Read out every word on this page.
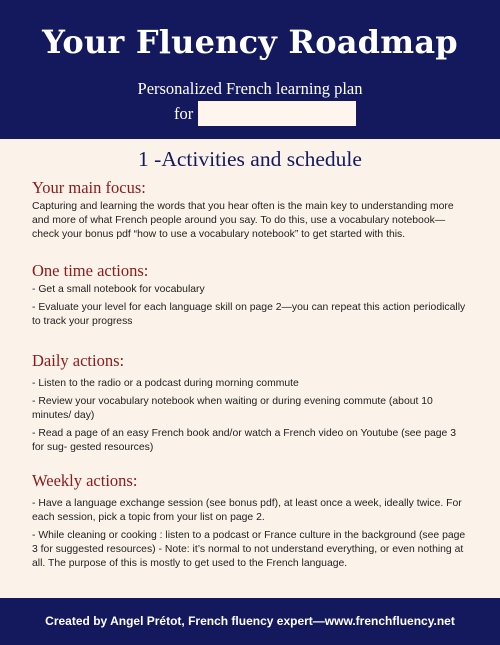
Your Fluency Roadmap
Personalized French learning plan
for
1 -Activities and schedule
Your main focus:
Capturing and learning the words that you hear often is the main key to understanding more and more of what French people around you say. To do this, use a vocabulary notebook—check your bonus pdf “how to use a vocabulary notebook” to get started with this.
One time actions:
- Get a small notebook for vocabulary
- Evaluate your level for each language skill on page 2—you can repeat this action periodically to track your progress
Daily actions:
- Listen to the radio or a podcast during morning commute
- Review your vocabulary notebook when waiting or during evening commute (about 10 minutes/ day)
- Read a page of an easy French book and/or watch a French video on Youtube (see page 3 for sug- gested resources)
Weekly actions:
- Have a language exchange session (see bonus pdf), at least once a week, ideally twice. For each session, pick a topic from your list on page 2.
- While cleaning or cooking : listen to a podcast or France culture in the background (see page 3 for suggested resources) - Note: it’s normal to not understand everything, or even nothing at all. The purpose of this is mostly to get used to the French language.
Created by Angel Prétot, French fluency expert—www.frenchfluency.net
